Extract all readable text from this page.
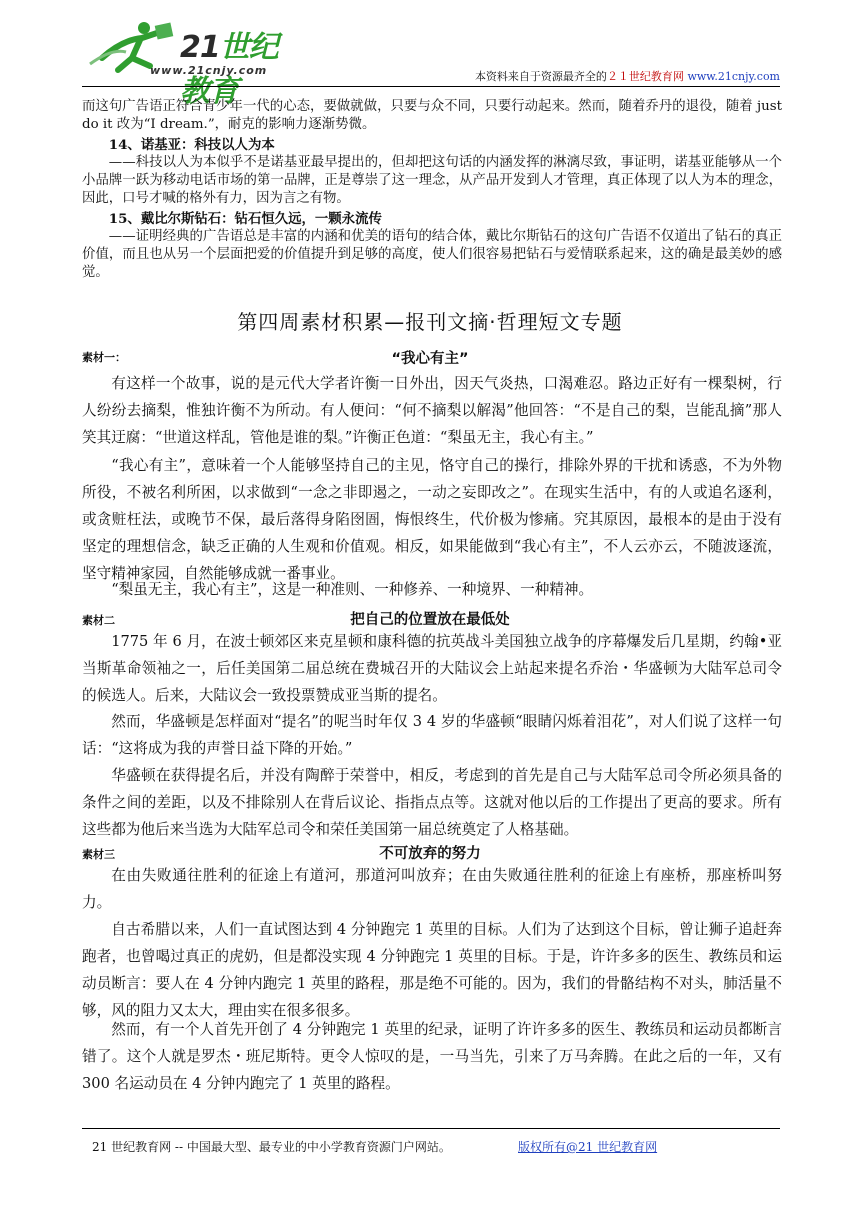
21世纪教育
www.21cnjy.com	本资料来自于资源最齐全的２１世纪教育网 www.21cnjy.com

而这句广告语正符合青少年一代的心态，要做就做，只要与众不同，只要行动起来。然而，随着乔丹的退役，随着 just do it 改为“I dream.”，耐克的影响力逐渐势微。

14、诺基亚：科技以人为本

——科技以人为本似乎不是诺基亚最早提出的，但却把这句话的内涵发挥的淋漓尽致，事证明，诺基亚能够从一个小品牌一跃为移动电话市场的第一品牌，正是尊崇了这一理念，从产品开发到人才管理，真正体现了以人为本的理念，因此，口号才喊的格外有力，因为言之有物。

15、戴比尔斯钻石：钻石恒久远，一颗永流传

——证明经典的广告语总是丰富的内涵和优美的语句的结合体，戴比尔斯钻石的这句广告语不仅道出了钻石的真正价值，而且也从另一个层面把爱的价值提升到足够的高度，使人们很容易把钻石与爱情联系起来，这的确是最美妙的感觉。

第四周素材积累—报刊文摘·哲理短文专题
素材一：	“我心有主”

有这样一个故事，说的是元代大学者许衡一日外出，因天气炎热，口渴难忍。路边正好有一棵梨树，行人纷纷去摘梨，惟独许衡不为所动。有人便问：“何不摘梨以解渴”他回答：“不是自己的梨，岂能乱摘”那人笑其迂腐：“世道这样乱，管他是谁的梨。”许衡正色道：“梨虽无主，我心有主。”

“我心有主”，意味着一个人能够坚持自己的主见，恪守自己的操行，排除外界的干扰和诱惑，不为外物所役，不被名利所困，以求做到“一念之非即遏之，一动之妄即改之”。在现实生活中，有的人或追名逐利，或贪赃枉法，或晚节不保，最后落得身陷囹圄，悔恨终生，代价极为惨痛。究其原因，最根本的是由于没有坚定的理想信念，缺乏正确的人生观和价值观。相反，如果能做到“我心有主”，不人云亦云，不随波逐流，坚守精神家园，自然能够成就一番事业。

“梨虽无主，我心有主”，这是一种准则、一种修养、一种境界、一种精神。

素材二	把自己的位置放在最低处

1775 年 6 月，在波士顿郊区来克星顿和康科德的抗英战斗美国独立战争的序幕爆发后几星期，约翰•亚当斯革命领袖之一，后任美国第二届总统在费城召开的大陆议会上站起来提名乔治・华盛顿为大陆军总司令的候选人。后来，大陆议会一致投票赞成亚当斯的提名。

然而，华盛顿是怎样面对“提名”的呢当时年仅 3 4 岁的华盛顿“眼睛闪烁着泪花”，对人们说了这样一句话：“这将成为我的声誉日益下降的开始。”

华盛顿在获得提名后，并没有陶醉于荣誉中，相反，考虑到的首先是自己与大陆军总司令所必须具备的条件之间的差距，以及不排除别人在背后议论、指指点点等。这就对他以后的工作提出了更高的要求。所有这些都为他后来当选为大陆军总司令和荣任美国第一届总统奠定了人格基础。

素材三	不可放弃的努力

在由失败通往胜利的征途上有道河，那道河叫放弃；在由失败通往胜利的征途上有座桥，那座桥叫努力。

自古希腊以来，人们一直试图达到 4 分钟跑完 1 英里的目标。人们为了达到这个目标，曾让狮子追赶奔跑者，也曾喝过真正的虎奶，但是都没实现 4 分钟跑完 1 英里的目标。于是，许许多多的医生、教练员和运动员断言：要人在 4 分钟内跑完 1 英里的路程，那是绝不可能的。因为，我们的骨骼结构不对头，肺活量不够，风的阻力又太大，理由实在很多很多。

然而，有一个人首先开创了 4 分钟跑完 1 英里的纪录，证明了许许多多的医生、教练员和运动员都断言错了。这个人就是罗杰・班尼斯特。更令人惊叹的是，一马当先，引来了万马奔腾。在此之后的一年，又有 300 名运动员在 4 分钟内跑完了 1 英里的路程。

21 世纪教育网 -- 中国最大型、最专业的中小学教育资源门户网站。	版权所有@21 世纪教育网
